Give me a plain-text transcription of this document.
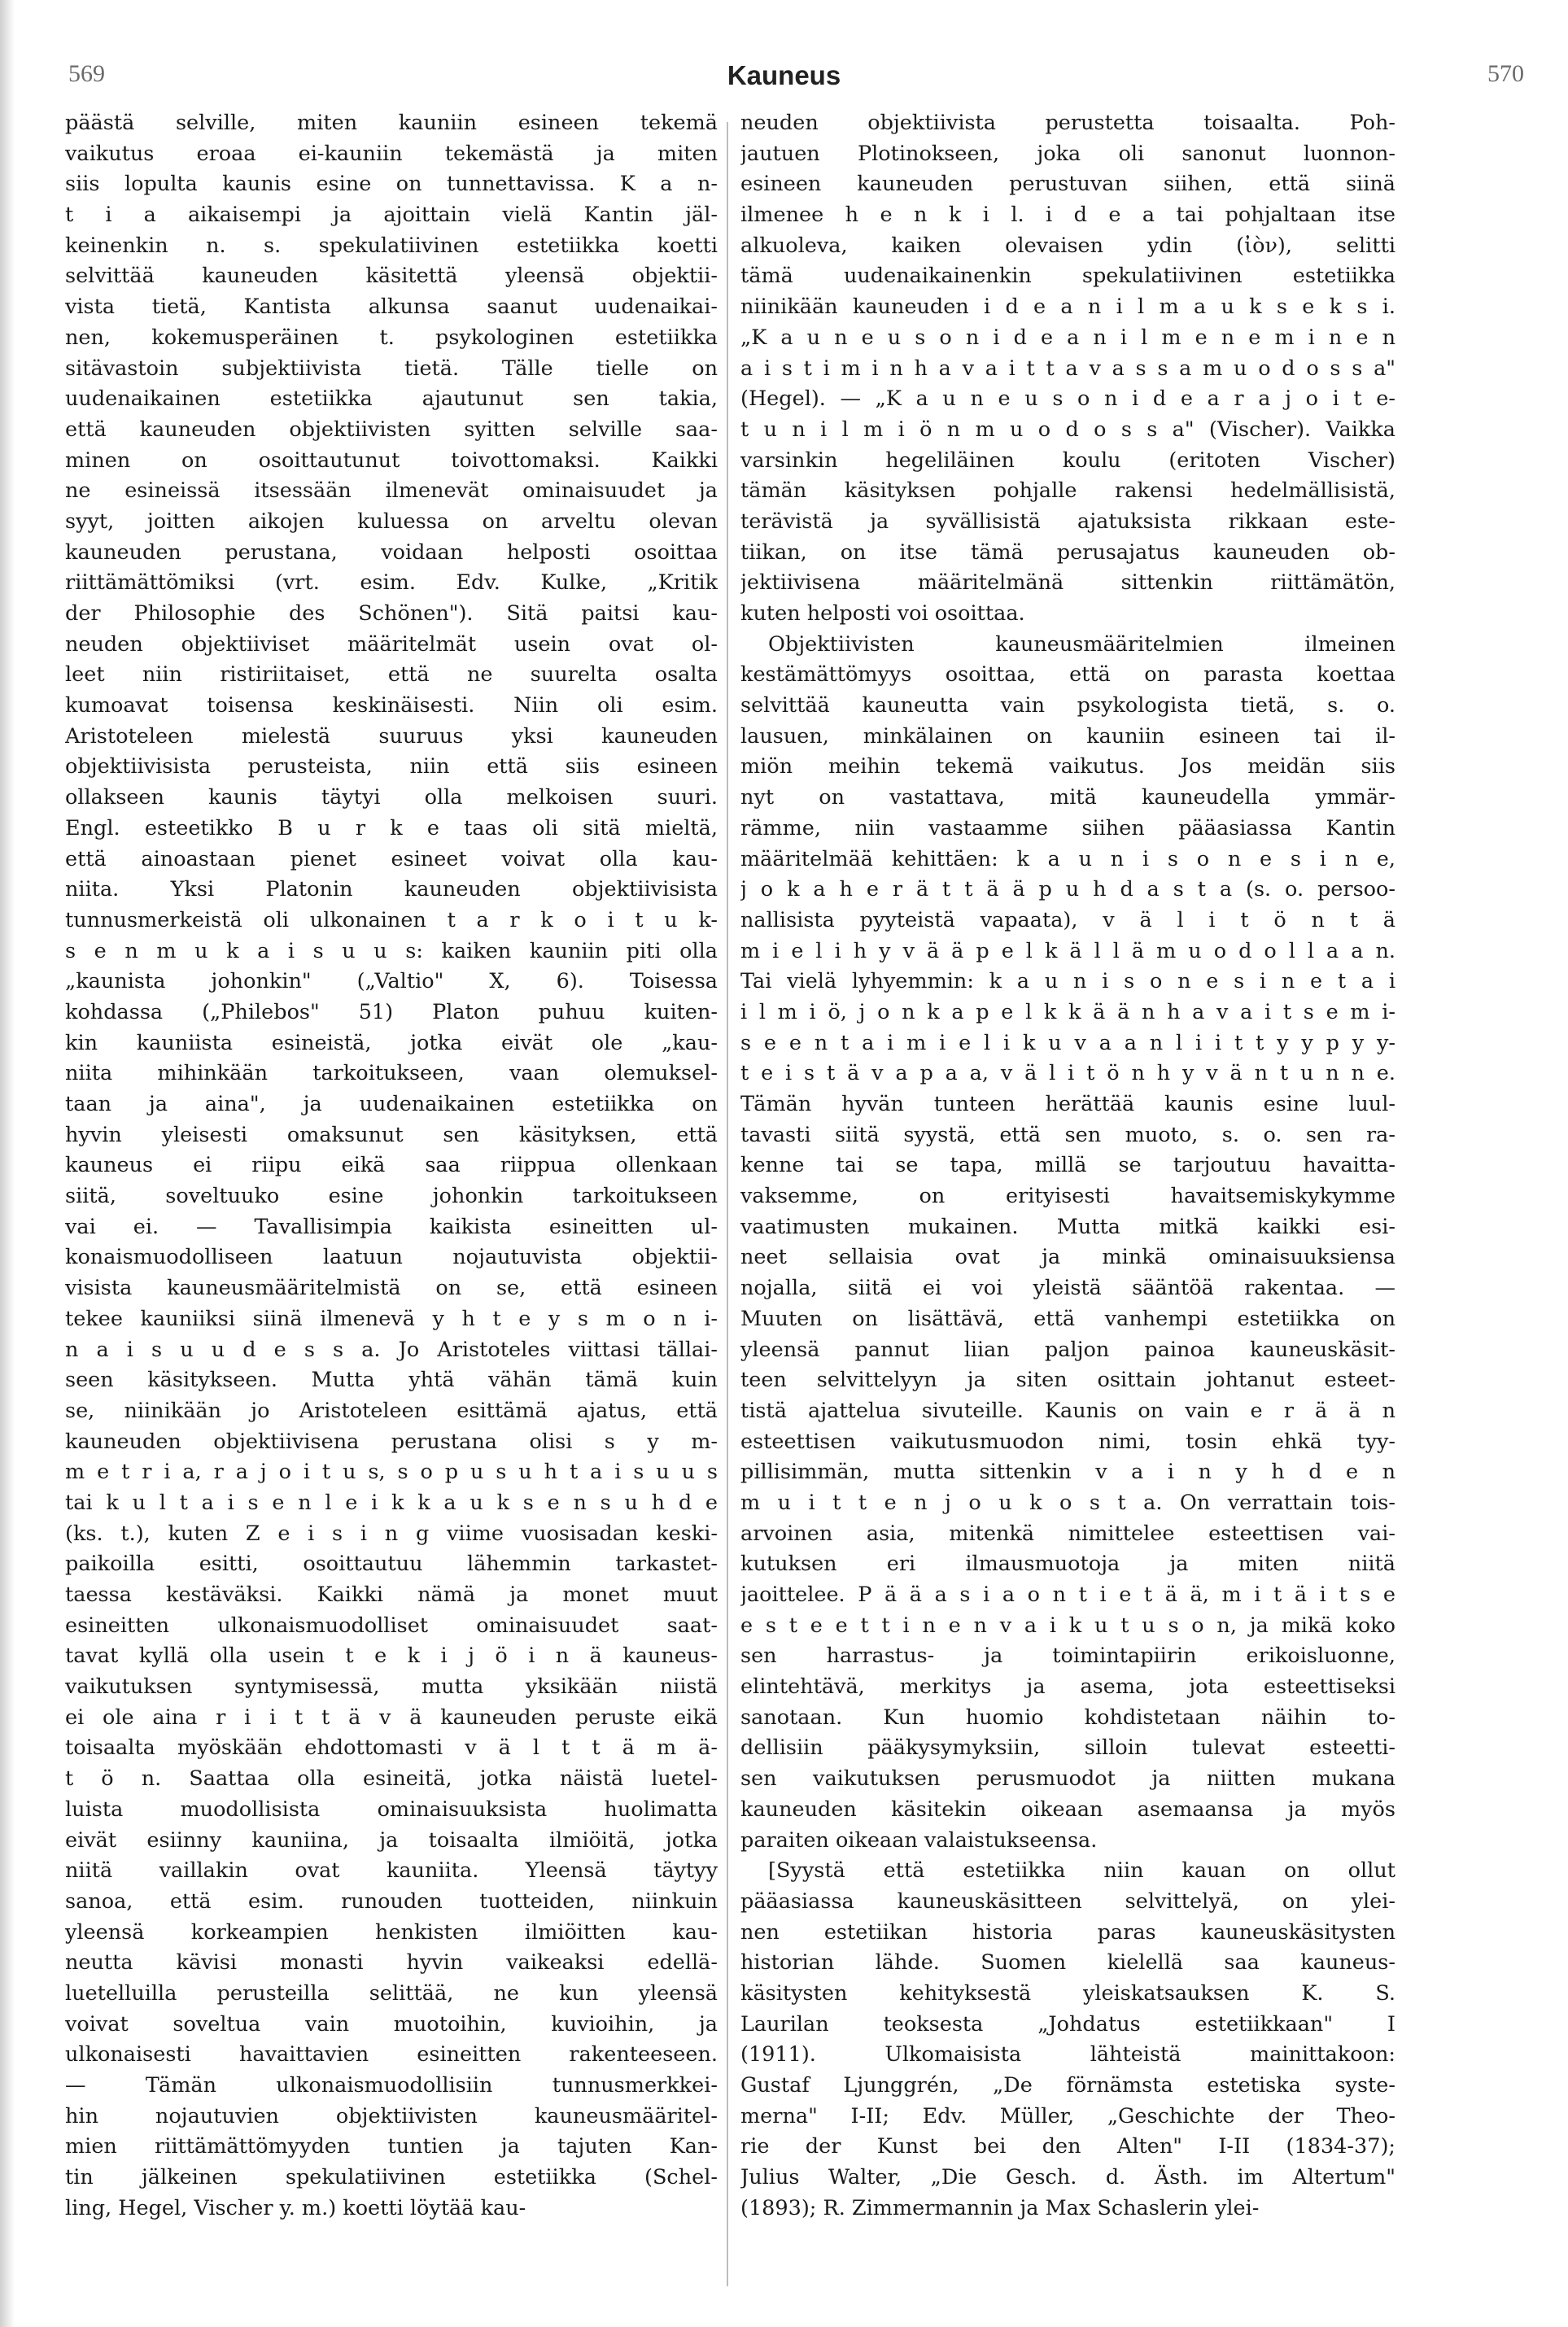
569	Kauneus	570
päästä selville, miten kauniin esineen tekemä
vaikutus eroaa ei-kauniin tekemästä ja miten
siis lopulta kaunis esine on tunnettavissa. K a n-
t i a aikaisempi ja ajoittain vielä Kantin jäl-
keinenkin n. s. spekulatiivinen estetiikka koetti
selvittää kauneuden käsitettä yleensä objektii-
vista tietä, Kantista alkunsa saanut uudenaikai-
nen, kokemusperäinen t. psykologinen estetiikka
sitävastoin subjektiivista tietä. Tälle tielle on
uudenaikainen estetiikka ajautunut sen takia,
että kauneuden objektiivisten syitten selville saa-
minen on osoittautunut toivottomaksi. Kaikki
ne esineissä itsessään ilmenevät ominaisuudet ja
syyt, joitten aikojen kuluessa on arveltu olevan
kauneuden perustana, voidaan helposti osoittaa
riittämättömiksi (vrt. esim. Edv. Kulke, „Kritik
der Philosophie des Schönen"). Sitä paitsi kau-
neuden objektiiviset määritelmät usein ovat ol-
leet niin ristiriitaiset, että ne suurelta osalta
kumoavat toisensa keskinäisesti. Niin oli esim.
Aristoteleen mielestä suuruus yksi kauneuden
objektiivisista perusteista, niin että siis esineen
ollakseen kaunis täytyi olla melkoisen suuri.
Engl. esteetikko B u r k e taas oli sitä mieltä,
että ainoastaan pienet esineet voivat olla kau-
niita. Yksi Platonin kauneuden objektiivisista
tunnusmerkeistä oli ulkonainen t a r k o i t u k-
s e n m u k a i s u u s: kaiken kauniin piti olla
„kaunista johonkin" („Valtio" X, 6). Toisessa
kohdassa („Philebos" 51) Platon puhuu kuiten-
kin kauniista esineistä, jotka eivät ole „kau-
niita mihinkään tarkoitukseen, vaan olemuksel-
taan ja aina", ja uudenaikainen estetiikka on
hyvin yleisesti omaksunut sen käsityksen, että
kauneus ei riipu eikä saa riippua ollenkaan
siitä, soveltuuko esine johonkin tarkoitukseen
vai ei. — Tavallisimpia kaikista esineitten ul-
konaismuodolliseen laatuun nojautuvista objektii-
visista kauneusmääritelmistä on se, että esineen
tekee kauniiksi siinä ilmenevä y h t e y s m o n i-
n a i s u u d e s s a. Jo Aristoteles viittasi tällai-
seen käsitykseen. Mutta yhtä vähän tämä kuin
se, niinikään jo Aristoteleen esittämä ajatus, että
kauneuden objektiivisena perustana olisi s y m-
m e t r i a, r a j o i t u s, s o p u s u h t a i s u u s
tai k u l t a i s e n l e i k k a u k s e n s u h d e
(ks. t.), kuten Z e i s i n g viime vuosisadan keski-
paikoilla esitti, osoittautuu lähemmin tarkastet-
taessa kestäväksi. Kaikki nämä ja monet muut
esineitten ulkonaismuodolliset ominaisuudet saat-
tavat kyllä olla usein t e k i j ö i n ä kauneus-
vaikutuksen syntymisessä, mutta yksikään niistä
ei ole aina r i i t t ä v ä kauneuden peruste eikä
toisaalta myöskään ehdottomasti v ä l t t ä m ä-
t ö n. Saattaa olla esineitä, jotka näistä luetel-
luista muodollisista ominaisuuksista huolimatta
eivät esiinny kauniina, ja toisaalta ilmiöitä, jotka
niitä vaillakin ovat kauniita. Yleensä täytyy
sanoa, että esim. runouden tuotteiden, niinkuin
yleensä korkeampien henkisten ilmiöitten kau-
neutta kävisi monasti hyvin vaikeaksi edellä-
luetelluilla perusteilla selittää, ne kun yleensä
voivat soveltua vain muotoihin, kuvioihin, ja
ulkonaisesti havaittavien esineitten rakenteeseen.
— Tämän ulkonaismuodollisiin tunnusmerkkei-
hin nojautuvien objektiivisten kauneusmääritel-
mien riittämättömyyden tuntien ja tajuten Kan-
tin jälkeinen spekulatiivinen estetiikka (Schel-
ling, Hegel, Vischer y. m.) koetti löytää kau-
neuden objektiivista perustetta toisaalta. Poh-
jautuen Plotinokseen, joka oli sanonut luonnon-
esineen kauneuden perustuvan siihen, että siinä
ilmenee h e n k i l. i d e a tai pohjaltaan itse
alkuoleva, kaiken olevaisen ydin (ἰὸν), selitti
tämä uudenaikainenkin spekulatiivinen estetiikka
niinikään kauneuden i d e a n i l m a u k s e k s i.
„K a u n e u s o n i d e a n i l m e n e m i n e n
a i s t i m i n h a v a i t t a v a s s a m u o d o s s a"
(Hegel). — „K a u n e u s o n i d e a r a j o i t e-
t u n i l m i ö n m u o d o s s a" (Vischer). Vaikka
varsinkin hegeliläinen koulu (eritoten Vischer)
tämän käsityksen pohjalle rakensi hedelmällisistä,
terävistä ja syvällisistä ajatuksista rikkaan este-
tiikan, on itse tämä perusajatus kauneuden ob-
jektiivisena määritelmänä sittenkin riittämätön,
kuten helposti voi osoittaa.
Objektiivisten kauneusmääritelmien ilmeinen
kestämättömyys osoittaa, että on parasta koettaa
selvittää kauneutta vain psykologista tietä, s. o.
lausuen, minkälainen on kauniin esineen tai il-
miön meihin tekemä vaikutus. Jos meidän siis
nyt on vastattava, mitä kauneudella ymmär-
rämme, niin vastaamme siihen pääasiassa Kantin
määritelmää kehittäen: k a u n i s o n e s i n e,
j o k a h e r ä t t ä ä p u h d a s t a (s. o. persoo-
nallisista pyyteistä vapaata), v ä l i t ö n t ä
m i e l i h y v ä ä p e l k ä l l ä m u o d o l l a a n.
Tai vielä lyhyemmin: k a u n i s o n e s i n e t a i
i l m i ö, j o n k a p e l k k ä ä n h a v a i t s e m i-
s e e n t a i m i e l i k u v a a n l i i t t y y p y y-
t e i s t ä v a p a a, v ä l i t ö n h y v ä n t u n n e.
Tämän hyvän tunteen herättää kaunis esine luul-
tavasti siitä syystä, että sen muoto, s. o. sen ra-
kenne tai se tapa, millä se tarjoutuu havaitta-
vaksemme, on erityisesti havaitsemiskykymme
vaatimusten mukainen. Mutta mitkä kaikki esi-
neet sellaisia ovat ja minkä ominaisuuksiensa
nojalla, siitä ei voi yleistä sääntöä rakentaa. —
Muuten on lisättävä, että vanhempi estetiikka on
yleensä pannut liian paljon painoa kauneuskäsit-
teen selvittelyyn ja siten osittain johtanut esteet-
tistä ajattelua sivuteille. Kaunis on vain e r ä ä n
esteettisen vaikutusmuodon nimi, tosin ehkä tyy-
pillisimmän, mutta sittenkin v a i n y h d e n
m u i t t e n j o u k o s t a. On verrattain tois-
arvoinen asia, mitenkä nimittelee esteettisen vai-
kutuksen eri ilmausmuotoja ja miten niitä
jaoittelee. P ä ä a s i a o n t i e t ä ä, m i t ä i t s e
e s t e e t t i n e n v a i k u t u s o n, ja mikä koko
sen harrastus- ja toimintapiirin erikoisluonne,
elintehtävä, merkitys ja asema, jota esteettiseksi
sanotaan. Kun huomio kohdistetaan näihin to-
dellisiin pääkysymyksiin, silloin tulevat esteetti-
sen vaikutuksen perusmuodot ja niitten mukana
kauneuden käsitekin oikeaan asemaansa ja myös
paraiten oikeaan valaistukseensa.
[Syystä että estetiikka niin kauan on ollut
pääasiassa kauneuskäsitteen selvittelyä, on ylei-
nen estetiikan historia paras kauneuskäsitysten
historian lähde. Suomen kielellä saa kauneus-
käsitysten kehityksestä yleiskatsauksen K. S.
Laurilan teoksesta „Johdatus estetiikkaan" I
(1911). Ulkomaisista lähteistä mainittakoon:
Gustaf Ljunggrén, „De förnämsta estetiska syste-
merna" I-II; Edv. Müller, „Geschichte der Theo-
rie der Kunst bei den Alten" I-II (1834-37);
Julius Walter, „Die Gesch. d. Ästh. im Altertum"
(1893); R. Zimmermannin ja Max Schaslerin ylei-
